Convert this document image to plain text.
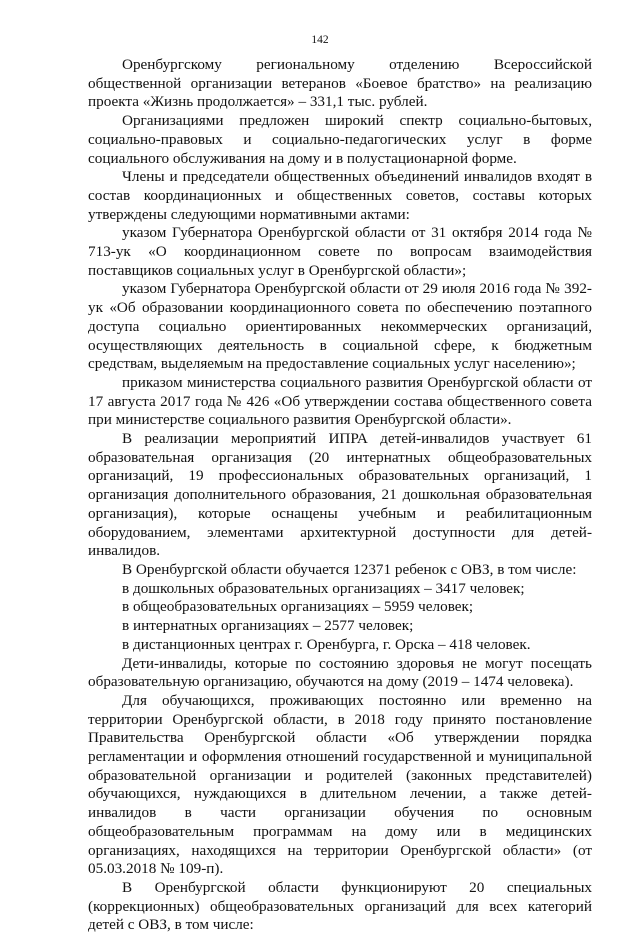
142

Оренбургскому региональному отделению Всероссийской общественной организации ветеранов «Боевое братство» на реализацию проекта «Жизнь продолжается» – 331,1 тыс. рублей.

Организациями предложен широкий спектр социально-бытовых, социально-правовых и социально-педагогических услуг в форме социального обслуживания на дому и в полустационарной форме.

Члены и председатели общественных объединений инвалидов входят в состав координационных и общественных советов, составы которых утверждены следующими нормативными актами:

указом Губернатора Оренбургской области от 31 октября 2014 года № 713-ук «О координационном совете по вопросам взаимодействия поставщиков социальных услуг в Оренбургской области»;

указом Губернатора Оренбургской области от 29 июля 2016 года № 392-ук «Об образовании координационного совета по обеспечению поэтапного доступа социально ориентированных некоммерческих организаций, осуществляющих деятельность в социальной сфере, к бюджетным средствам, выделяемым на предоставление социальных услуг населению»;

приказом министерства социального развития Оренбургской области от 17 августа 2017 года № 426 «Об утверждении состава общественного совета при министерстве социального развития Оренбургской области».

В реализации мероприятий ИПРА детей-инвалидов участвует 61 образовательная организация (20 интернатных общеобразовательных организаций, 19 профессиональных образовательных организаций, 1 организация дополнительного образования, 21 дошкольная образовательная организация), которые оснащены учебным и реабилитационным оборудованием, элементами архитектурной доступности для детей-инвалидов.

В Оренбургской области обучается 12371 ребенок с ОВЗ, в том числе:

в дошкольных образовательных организациях – 3417 человек;

в общеобразовательных организациях – 5959 человек;

в интернатных организациях – 2577 человек;

в дистанционных центрах г. Оренбурга, г. Орска – 418 человек.

Дети-инвалиды, которые по состоянию здоровья не могут посещать образовательную организацию, обучаются на дому (2019 – 1474 человека).

Для обучающихся, проживающих постоянно или временно на территории Оренбургской области, в 2018 году принято постановление Правительства Оренбургской области «Об утверждении порядка регламентации и оформления отношений государственной и муниципальной образовательной организации и родителей (законных представителей) обучающихся, нуждающихся в длительном лечении, а также детей-инвалидов в части организации обучения по основным общеобразовательным программам на дому или в медицинских организациях, находящихся на территории Оренбургской области» (от 05.03.2018 № 109-п).

В Оренбургской области функционируют 20 специальных (коррекционных) общеобразовательных организаций для всех категорий детей с ОВЗ, в том числе:
